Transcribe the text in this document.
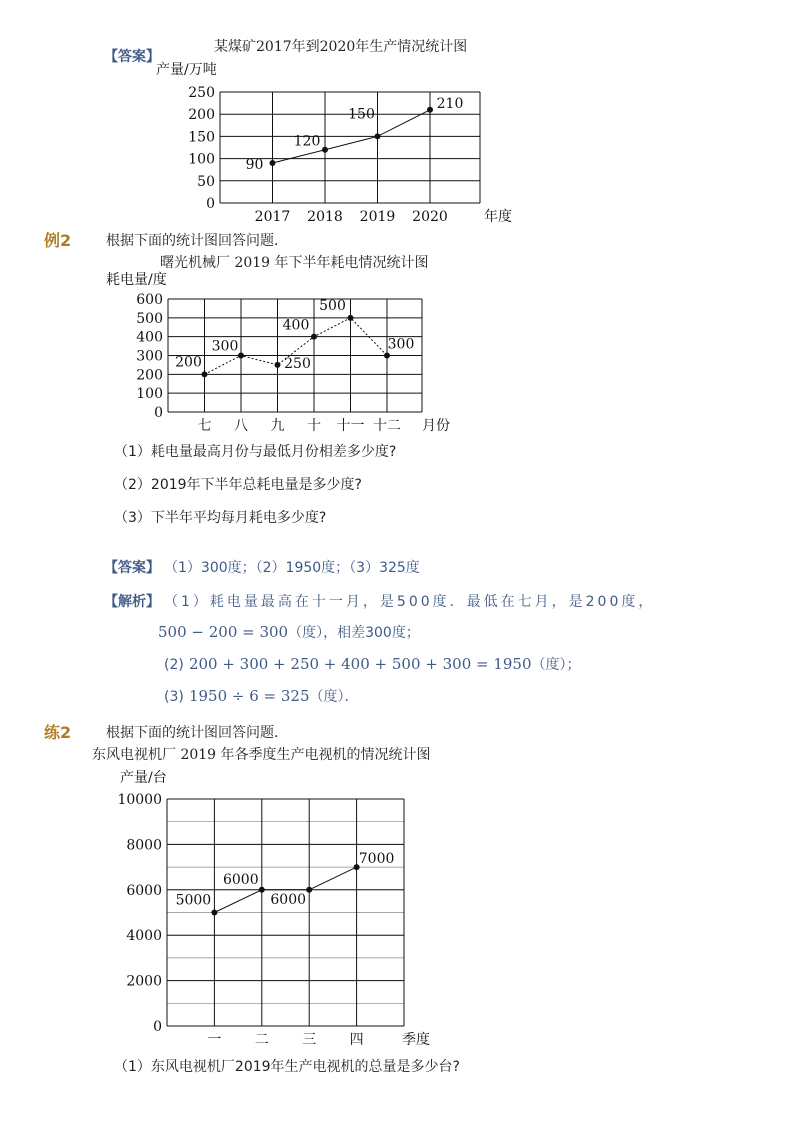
【答案】
某煤矿2017年到2020年生产情况统计图
0
50
100
150
200
250
2017 2018 2019 2020
产量/万吨
年度
90
120
150
210
例2 根据下面的统计图回答问题．
曙光机械厂 2019 年下半年耗电情况统计图
0
100
200
300
400
500
600
七 八 九 十 十一 十二
耗电量/度
月份
200
300
250
400
500
300
（1）耗电量最高月份与最低月份相差多少度?
（2）2019年下半年总耗电量是多少度?
（3）下半年平均每月耗电多少度?
【答案】 （1）300度；（2）1950度；（3）325度
【解析】 （1）耗电量最高在十一月，是500度．最低在七月，是200度，
500 − 200 = 300（度），相差300度；
(2) 200 + 300 + 250 + 400 + 500 + 300 = 1950（度）；
(3) 1950 ÷ 6 = 325（度）．
练2 根据下面的统计图回答问题．
东风电视机厂 2019 年各季度生产电视机的情况统计图
0
2000
4000
6000
8000
10000
一 二 三 四
产量/台
季度
5000
6000
6000
7000
（1）东风电视机厂2019年生产电视机的总量是多少台?
